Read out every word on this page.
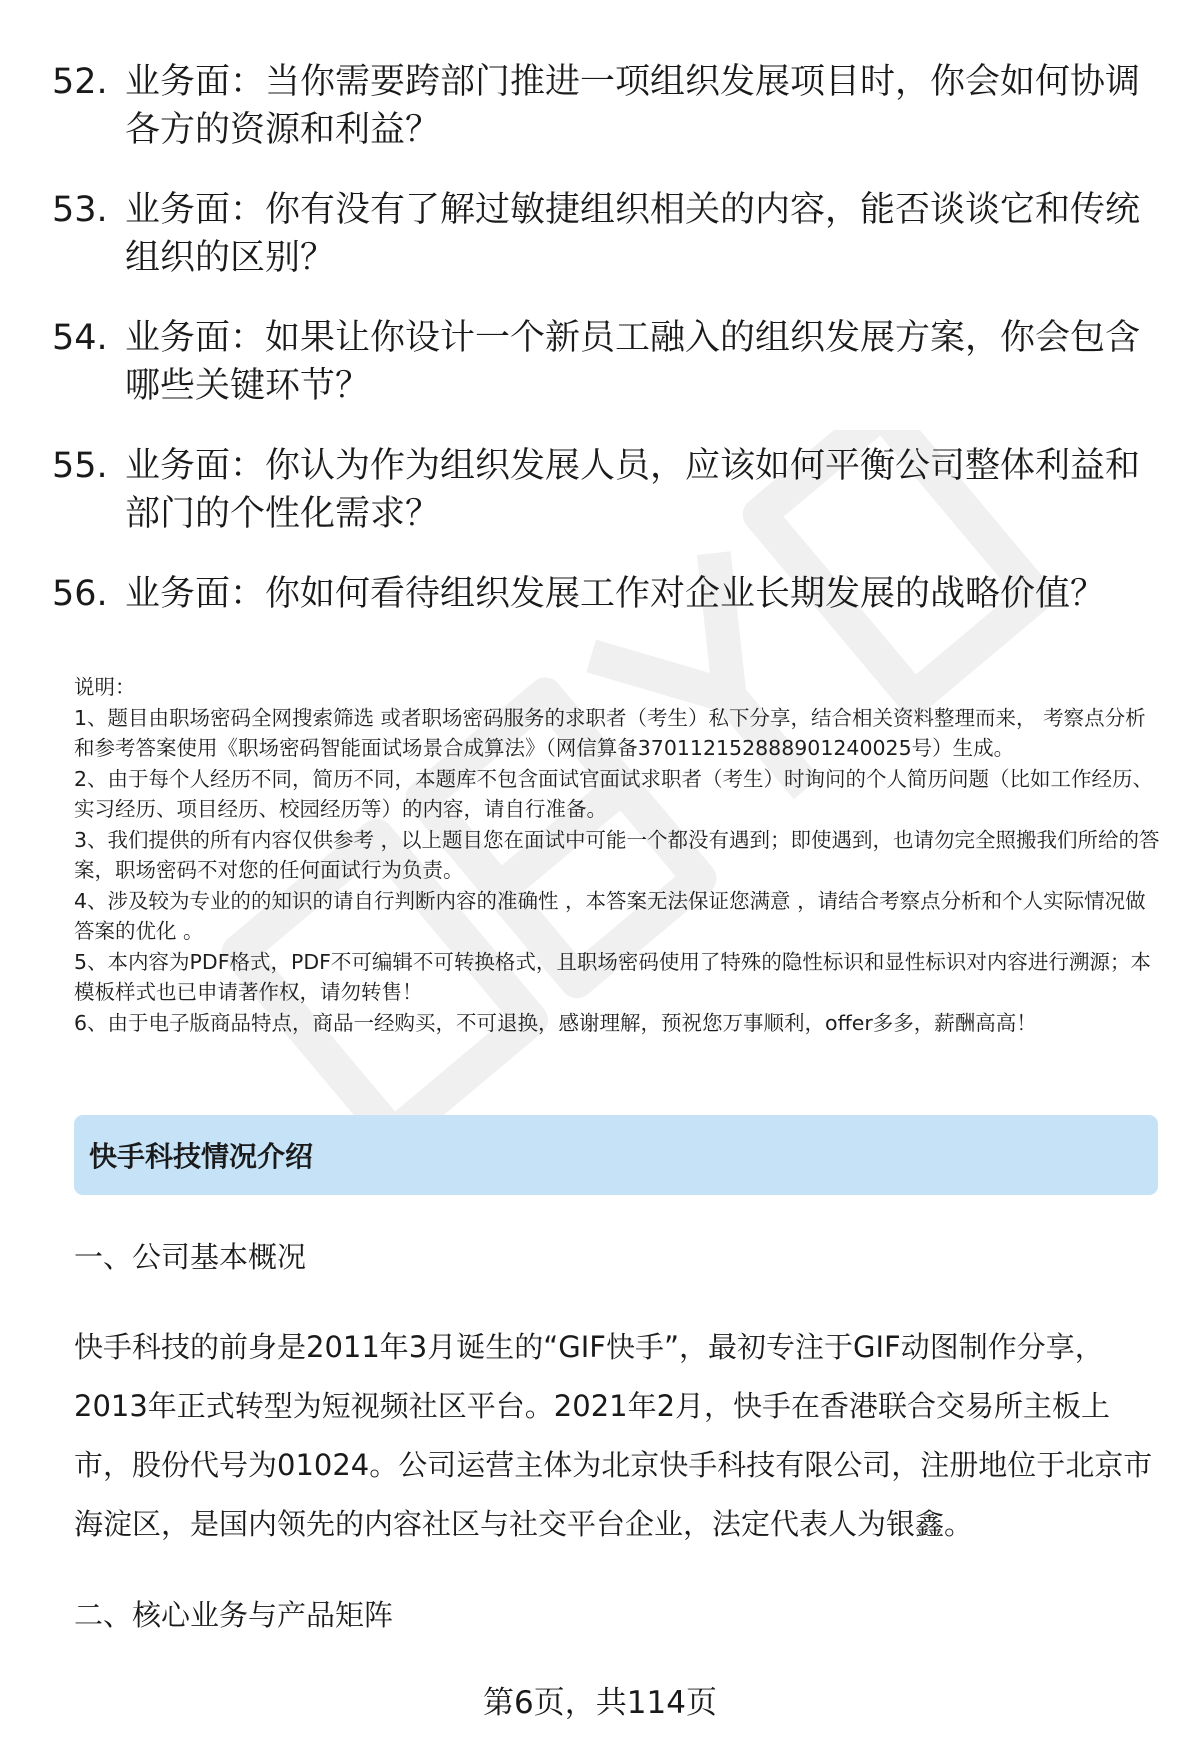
52. 业务面：当你需要跨部门推进一项组织发展项目时，你会如何协调各方的资源和利益？
53. 业务面：你有没有了解过敏捷组织相关的内容，能否谈谈它和传统组织的区别？
54. 业务面：如果让你设计一个新员工融入的组织发展方案，你会包含哪些关键环节？
55. 业务面：你认为作为组织发展人员，应该如何平衡公司整体利益和部门的个性化需求？
56. 业务面：你如何看待组织发展工作对企业长期发展的战略价值？

说明：

1、题目由职场密码全网搜索筛选 或者职场密码服务的求职者（考生）私下分享，结合相关资料整理而来， 考察点分析和参考答案使用《职场密码智能面试场景合成算法》（网信算备370112152888901240025号）生成。

2、由于每个人经历不同，简历不同，本题库不包含面试官面试求职者（考生）时询问的个人简历问题（比如工作经历、实习经历、项目经历、校园经历等）的内容，请自行准备。

3、我们提供的所有内容仅供参考 ，以上题目您在面试中可能一个都没有遇到；即使遇到，也请勿完全照搬我们所给的答案，职场密码不对您的任何面试行为负责。

4、涉及较为专业的的知识的请自行判断内容的准确性 ，本答案无法保证您满意 ，请结合考察点分析和个人实际情况做答案的优化 。

5、本内容为PDF格式，PDF不可编辑不可转换格式，且职场密码使用了特殊的隐性标识和显性标识对内容进行溯源；本模板样式也已申请著作权，请勿转售！

6、由于电子版商品特点，商品一经购买，不可退换，感谢理解，预祝您万事顺利，offer多多，薪酬高高！

快手科技情况介绍
一、公司基本概况
快手科技的前身是2011年3月诞生的“GIF快手”，最初专注于GIF动图制作分享，2013年正式转型为短视频社区平台。2021年2月，快手在香港联合交易所主板上市，股份代号为01024。公司运营主体为北京快手科技有限公司，注册地位于北京市海淀区，是国内领先的内容社区与社交平台企业，法定代表人为银鑫。
二、核心业务与产品矩阵
第6页，共114页
